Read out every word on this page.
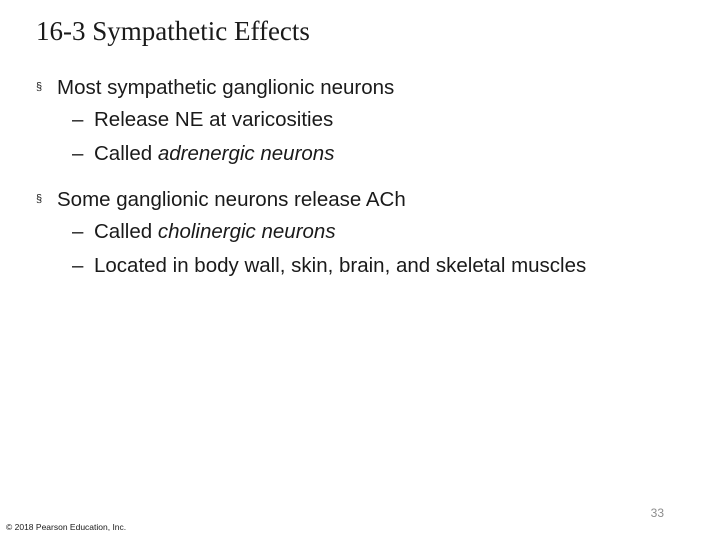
16-3 Sympathetic Effects
§ Most sympathetic ganglionic neurons
– Release NE at varicosities
– Called adrenergic neurons
§ Some ganglionic neurons release ACh
– Called cholinergic neurons
– Located in body wall, skin, brain, and skeletal muscles
33
© 2018 Pearson Education, Inc.
